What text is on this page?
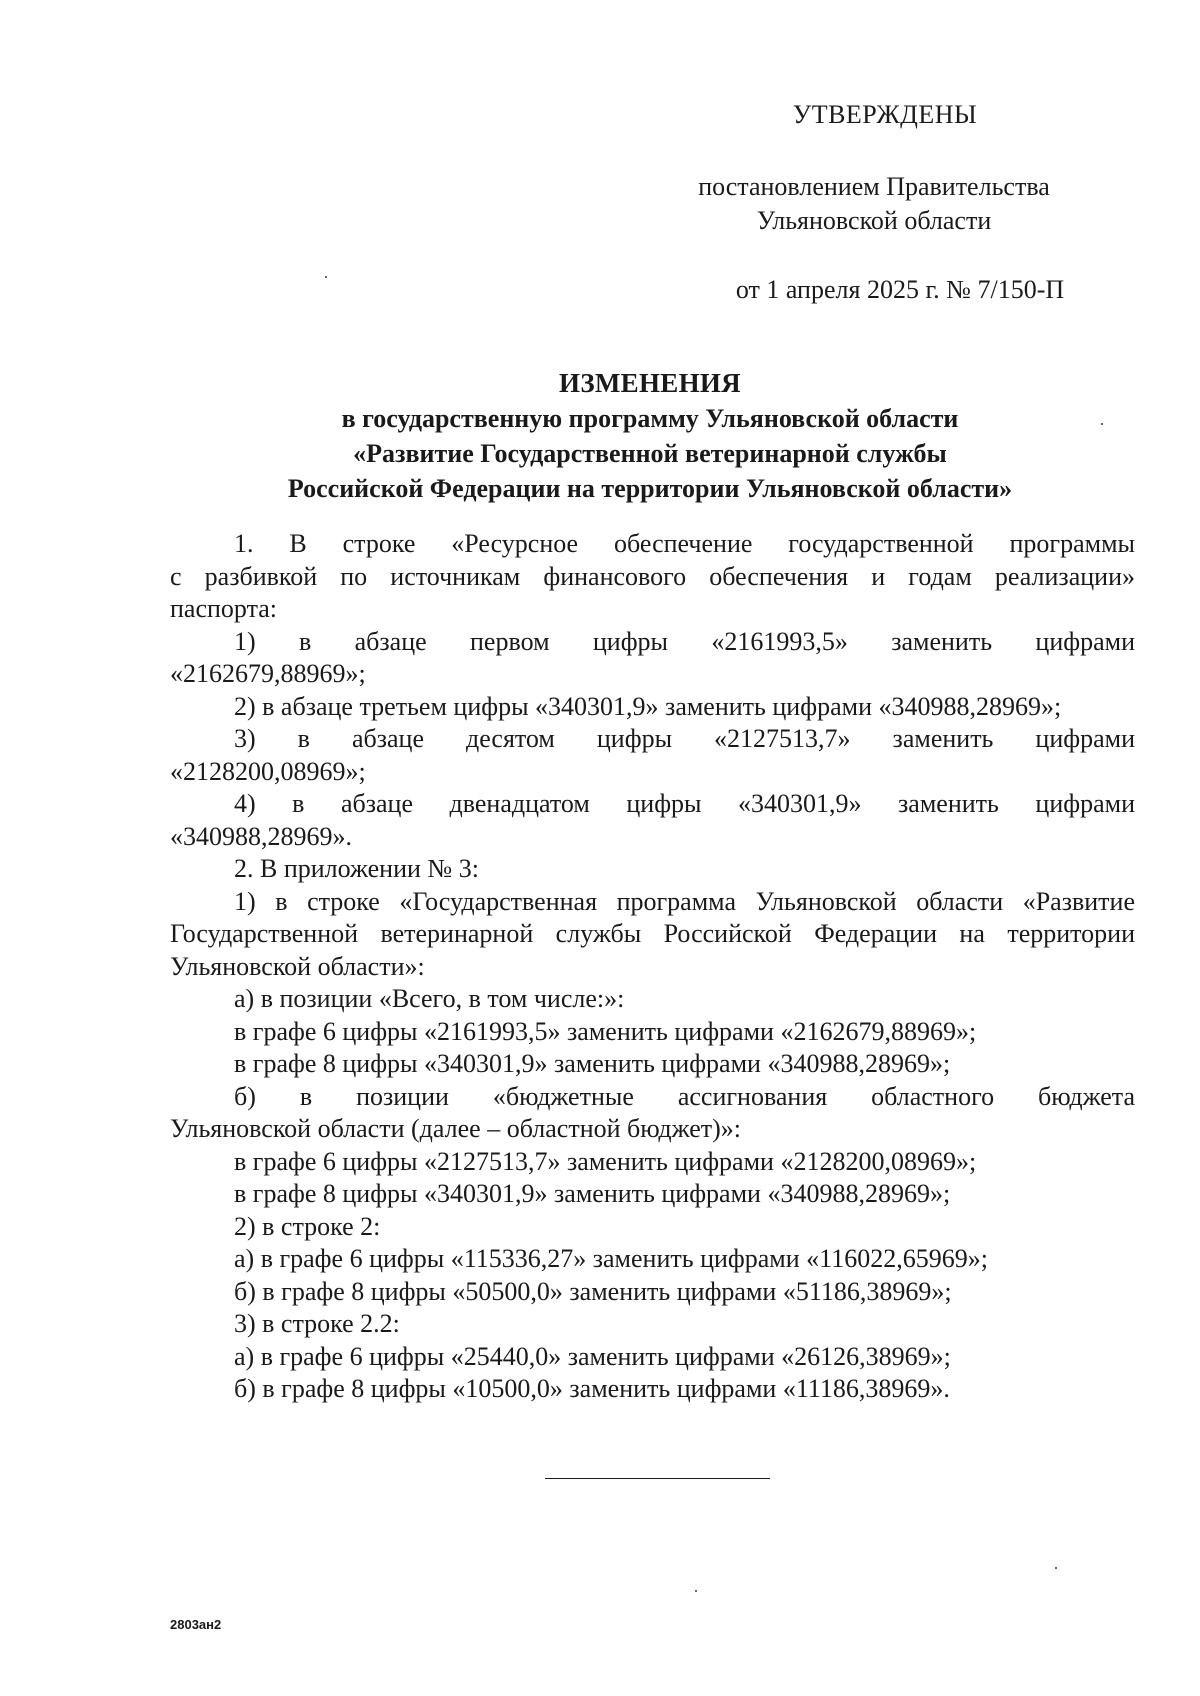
УТВЕРЖДЕНЫ
постановлением Правительства
Ульяновской области
от 1 апреля 2025 г. № 7/150-П
ИЗМЕНЕНИЯ
в государственную программу Ульяновской области
«Развитие Государственной ветеринарной службы
Российской Федерации на территории Ульяновской области»

1. В строке «Ресурсное обеспечение государственной программы

с разбивкой по источникам финансового обеспечения и годам реализации»

паспорта:

1) в абзаце первом цифры «2161993,5» заменить цифрами

«2162679,88969»;

2) в абзаце третьем цифры «340301,9» заменить цифрами «340988,28969»;

3) в абзаце десятом цифры «2127513,7» заменить цифрами

«2128200,08969»;

4) в абзаце двенадцатом цифры «340301,9» заменить цифрами

«340988,28969».

2. В приложении № 3:

1) в строке «Государственная программа Ульяновской области «Развитие

Государственной ветеринарной службы Российской Федерации на территории

Ульяновской области»:

а) в позиции «Всего, в том числе:»:

в графе 6 цифры «2161993,5» заменить цифрами «2162679,88969»;

в графе 8 цифры «340301,9» заменить цифрами «340988,28969»;

б) в позиции «бюджетные ассигнования областного бюджета

Ульяновской области (далее – областной бюджет)»:

в графе 6 цифры «2127513,7» заменить цифрами «2128200,08969»;

в графе 8 цифры «340301,9» заменить цифрами «340988,28969»;

2) в строке 2:

а) в графе 6 цифры «115336,27» заменить цифрами «116022,65969»;

б) в графе 8 цифры «50500,0» заменить цифрами «51186,38969»;

3) в строке 2.2:

а) в графе 6 цифры «25440,0» заменить цифрами «26126,38969»;

б) в графе 8 цифры «10500,0» заменить цифрами «11186,38969».

2803ан2
